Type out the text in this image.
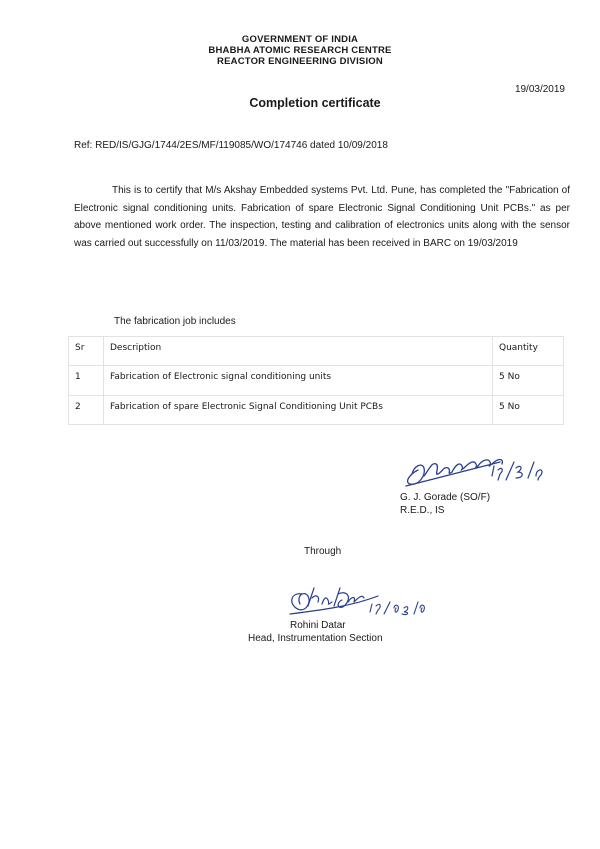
GOVERNMENT OF INDIA
BHABHA ATOMIC RESEARCH CENTRE
REACTOR ENGINEERING DIVISION
19/03/2019
Completion certificate
Ref: RED/IS/GJG/1744/2ES/MF/119085/WO/174746 dated 10/09/2018

This is to certify that M/s Akshay Embedded systems Pvt. Ltd. Pune, has completed the "Fabrication of Electronic signal conditioning units. Fabrication of spare Electronic Signal Conditioning Unit PCBs." as per above mentioned work order. The inspection, testing and calibration of electronics units along with the sensor was carried out successfully on 11/03/2019. The material has been received in BARC on 19/03/2019

The fabrication job includes
Sr	Description	Quantity
1	Fabrication of Electronic signal conditioning units	5 No
2	Fabrication of spare Electronic Signal Conditioning Unit PCBs	5 No
G. J. Gorade (SO/F)
R.E.D., IS
Through
Rohini Datar
Head, Instrumentation Section
